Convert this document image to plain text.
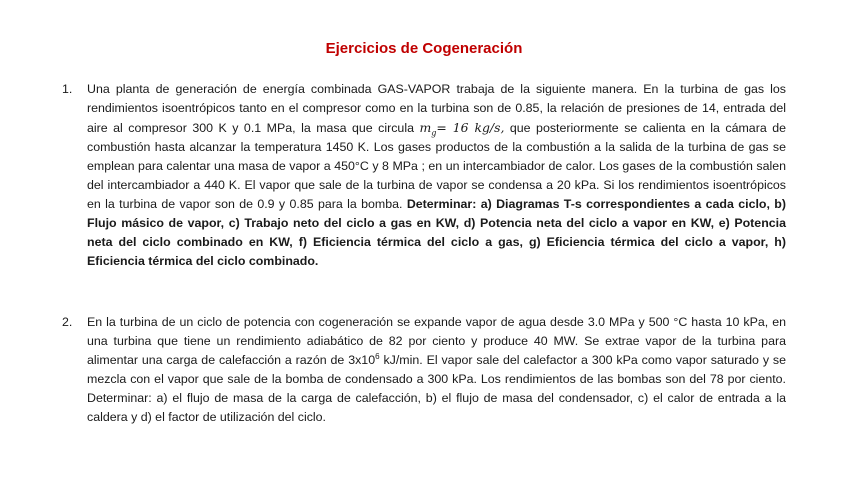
Ejercicios de Cogeneración
1.	Una planta de generación de energía combinada GAS-VAPOR trabaja de la siguiente manera. En la turbina de gas los rendimientos isoentrópicos tanto en el compresor como en la turbina son de 0.85, la relación de presiones de 14, entrada del aire al compresor 300 K y 0.1 MPa, la masa que circula $m_g= 16$ kg/s, que posteriormente se calienta en la cámara de combustión hasta alcanzar la temperatura 1450 K. Los gases productos de la combustión a la salida de la turbina de gas se emplean para calentar una masa de vapor a 450°C y 8 MPa ; en un intercambiador de calor. Los gases de la combustión salen del intercambiador a 440 K. El vapor que sale de la turbina de vapor se condensa a 20 kPa. Si los rendimientos isoentrópicos en la turbina de vapor son de 0.9 y 0.85 para la bomba. Determinar: a) Diagramas T-s correspondientes a cada ciclo, b) Flujo másico de vapor, c) Trabajo neto del ciclo a gas en KW, d) Potencia neta del ciclo a vapor en KW, e) Potencia neta del ciclo combinado en KW, f) Eficiencia térmica del ciclo a gas, g) Eficiencia térmica del ciclo a vapor, h) Eficiencia térmica del ciclo combinado.
2.	En la turbina de un ciclo de potencia con cogeneración se expande vapor de agua desde 3.0 MPa y 500 °C hasta 10 kPa, en una turbina que tiene un rendimiento adiabático de 82 por ciento y produce 40 MW. Se extrae vapor de la turbina para alimentar una carga de calefacción a razón de $3x10^6$ kJ/min. El vapor sale del calefactor a 300 kPa como vapor saturado y se mezcla con el vapor que sale de la bomba de condensado a 300 kPa. Los rendimientos de las bombas son del 78 por ciento. Determinar: a) el flujo de masa de la carga de calefacción, b) el flujo de masa del condensador, c) el calor de entrada a la caldera y d) el factor de utilización del ciclo.
